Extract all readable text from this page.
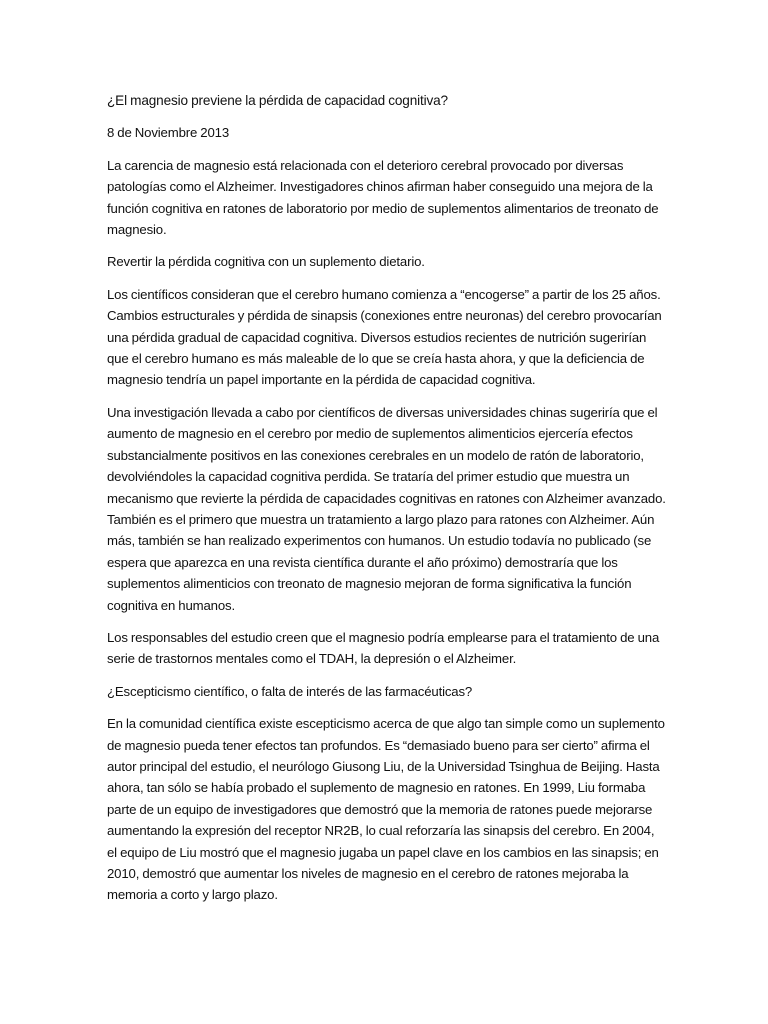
¿El magnesio previene la pérdida de capacidad cognitiva?

8 de Noviembre 2013

La carencia de magnesio está relacionada con el deterioro cerebral provocado por diversas patologías como el Alzheimer. Investigadores chinos afirman haber conseguido una mejora de la función cognitiva en ratones de laboratorio por medio de suplementos alimentarios de treonato de magnesio.

Revertir la pérdida cognitiva con un suplemento dietario.

Los científicos consideran que el cerebro humano comienza a “encogerse” a partir de los 25 años. Cambios estructurales y pérdida de sinapsis (conexiones entre neuronas) del cerebro provocarían una pérdida gradual de capacidad cognitiva. Diversos estudios recientes de nutrición sugerirían que el cerebro humano es más maleable de lo que se creía hasta ahora, y que la deficiencia de magnesio tendría un papel importante en la pérdida de capacidad cognitiva.

Una investigación llevada a cabo por científicos de diversas universidades chinas sugeriría que el aumento de magnesio en el cerebro por medio de suplementos alimenticios ejercería efectos substancialmente positivos en las conexiones cerebrales en un modelo de ratón de laboratorio, devolviéndoles la capacidad cognitiva perdida. Se trataría del primer estudio que muestra un mecanismo que revierte la pérdida de capacidades cognitivas en ratones con Alzheimer avanzado. También es el primero que muestra un tratamiento a largo plazo para ratones con Alzheimer. Aún más, también se han realizado experimentos con humanos. Un estudio todavía no publicado (se espera que aparezca en una revista científica durante el año próximo) demostraría que los suplementos alimenticios con treonato de magnesio mejoran de forma significativa la función cognitiva en humanos.

Los responsables del estudio creen que el magnesio podría emplearse para el tratamiento de una serie de trastornos mentales como el TDAH, la depresión o el Alzheimer.

¿Escepticismo científico, o falta de interés de las farmacéuticas?

En la comunidad científica existe escepticismo acerca de que algo tan simple como un suplemento de magnesio pueda tener efectos tan profundos. Es “demasiado bueno para ser cierto” afirma el autor principal del estudio, el neurólogo Giusong Liu, de la Universidad Tsinghua de Beijing. Hasta ahora, tan sólo se había probado el suplemento de magnesio en ratones. En 1999, Liu formaba parte de un equipo de investigadores que demostró que la memoria de ratones puede mejorarse aumentando la expresión del receptor NR2B, lo cual reforzaría las sinapsis del cerebro. En 2004, el equipo de Liu mostró que el magnesio jugaba un papel clave en los cambios en las sinapsis; en 2010, demostró que aumentar los niveles de magnesio en el cerebro de ratones mejoraba la memoria a corto y largo plazo.
